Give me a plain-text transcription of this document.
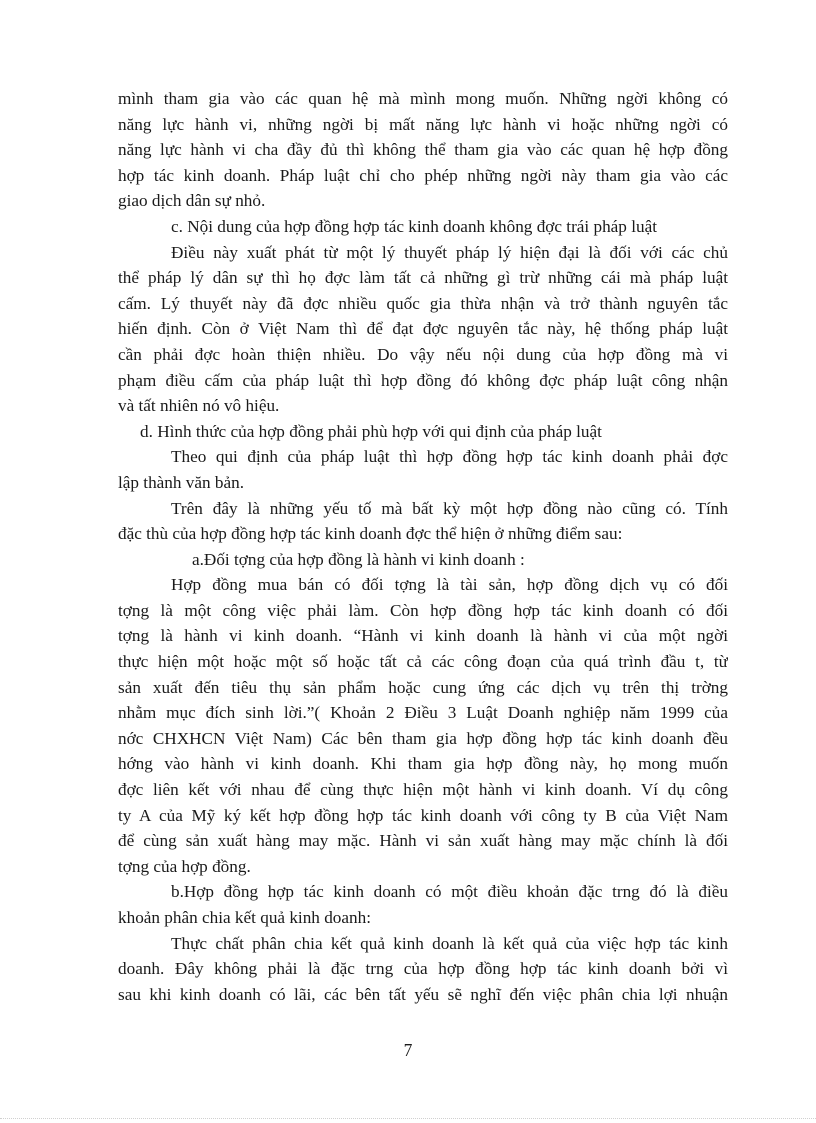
mình tham gia vào các quan hệ mà mình mong muốn. Những ngời không có
năng lực hành vi, những ngời bị mất năng lực hành vi hoặc những ngời có
năng lực hành vi cha đầy đủ thì không thể tham gia vào các quan hệ hợp đồng
hợp tác kinh doanh. Pháp luật chỉ cho phép những ngời này tham gia vào các
giao dịch dân sự nhỏ.
c. Nội dung của hợp đồng hợp tác kinh doanh không đợc trái pháp luật
Điều này xuất phát từ một lý thuyết pháp lý hiện đại là đối với các chủ
thể pháp lý dân sự thì họ đợc làm tất cả những gì trừ những cái mà pháp luật
cấm. Lý thuyết này đã đợc nhiều quốc gia thừa nhận và trở thành nguyên tắc
hiến định. Còn ở Việt Nam thì để đạt đợc nguyên tắc này, hệ thống pháp luật
cần phải đợc hoàn thiện nhiều. Do vậy nếu nội dung của hợp đồng mà vi
phạm điều cấm của pháp luật thì hợp đồng đó không đợc pháp luật công nhận
và tất nhiên nó vô hiệu.
d. Hình thức của hợp đồng phải phù hợp với qui định của pháp luật
Theo qui định của pháp luật thì hợp đồng hợp tác kinh doanh phải đợc
lập thành văn bản.
Trên đây là những yếu tố mà bất kỳ một hợp đồng nào cũng có. Tính
đặc thù của hợp đồng hợp tác kinh doanh đợc thể hiện ở những điểm sau:
a.Đối tợng của hợp đồng là hành vi kinh doanh :
Hợp đồng mua bán có đối tợng là tài sản, hợp đồng dịch vụ có đối
tợng là một công việc phải làm. Còn hợp đồng hợp tác kinh doanh có đối
tợng là hành vi kinh doanh. “Hành vi kinh doanh là hành vi của một ngời
thực hiện một hoặc một số hoặc tất cả các công đoạn của quá trình đầu t, từ
sản xuất đến tiêu thụ sản phẩm hoặc cung ứng các dịch vụ trên thị trờng
nhằm mục đích sinh lời.”( Khoản 2 Điều 3 Luật Doanh nghiệp năm 1999 của
nớc CHXHCN Việt Nam) Các bên tham gia hợp đồng hợp tác kinh doanh đều
hớng vào hành vi kinh doanh. Khi tham gia hợp đồng này, họ mong muốn
đợc liên kết với nhau để cùng thực hiện một hành vi kinh doanh. Ví dụ công
ty A của Mỹ ký kết hợp đồng hợp tác kinh doanh với công ty B của Việt Nam
để cùng sản xuất hàng may mặc. Hành vi sản xuất hàng may mặc chính là đối
tợng của hợp đồng.
b.Hợp đồng hợp tác kinh doanh có một điều khoản đặc trng đó là điều
khoản phân chia kết quả kinh doanh:
Thực chất phân chia kết quả kinh doanh là kết quả của việc hợp tác kinh
doanh. Đây không phải là đặc trng của hợp đồng hợp tác kinh doanh bởi vì
sau khi kinh doanh có lãi, các bên tất yếu sẽ nghĩ đến việc phân chia lợi nhuận
7
